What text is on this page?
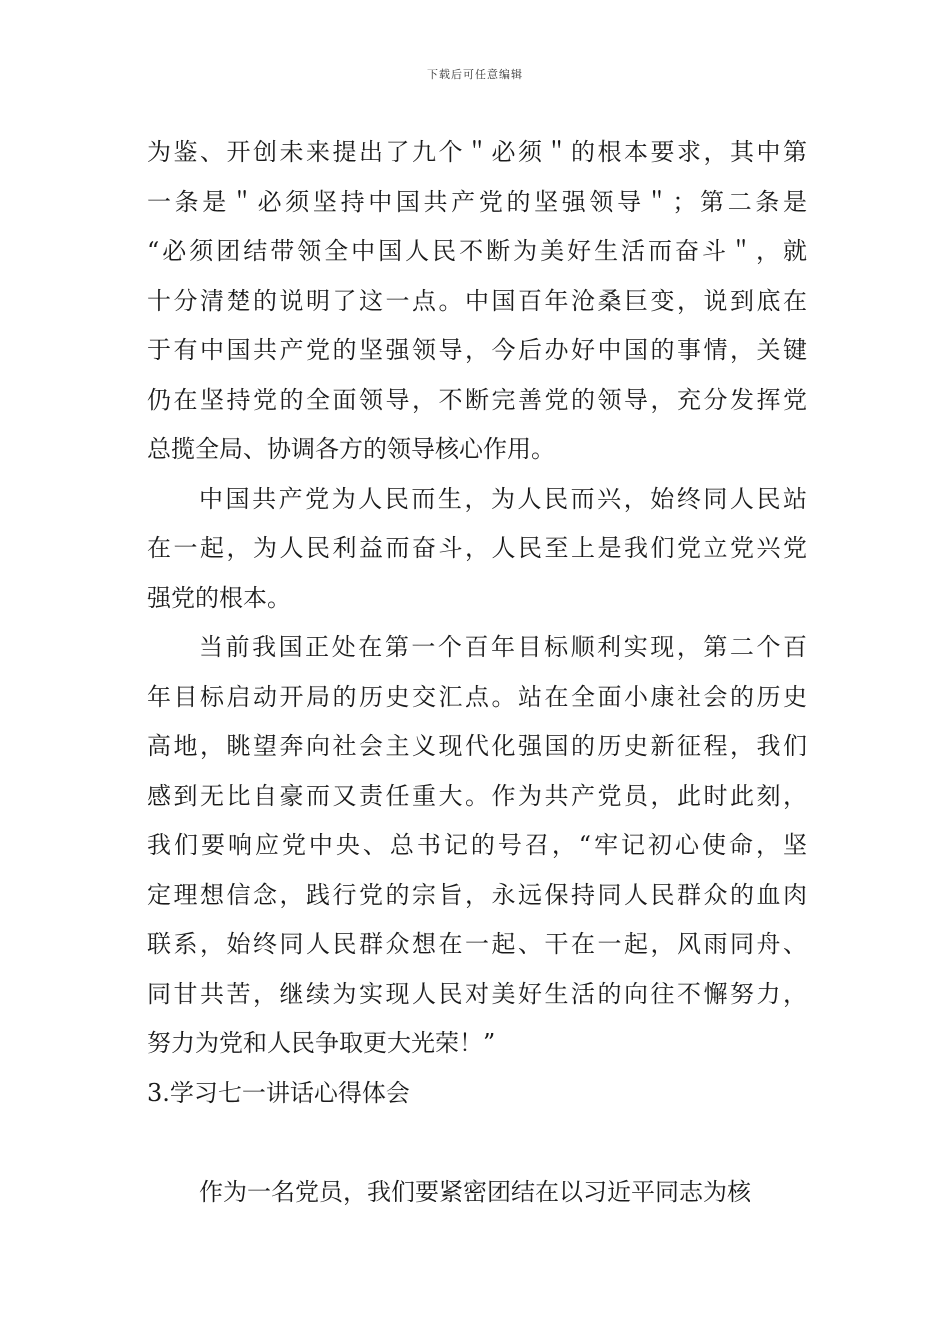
下载后可任意编辑
为鉴、开创未来提出了九个＂必须＂的根本要求，其中第
一条是＂必须坚持中国共产党的坚强领导＂；第二条是
“必须团结带领全中国人民不断为美好生活而奋斗＂，就
十分清楚的说明了这一点。中国百年沧桑巨变，说到底在
于有中国共产党的坚强领导，今后办好中国的事情，关键
仍在坚持党的全面领导，不断完善党的领导，充分发挥党
总揽全局、协调各方的领导核心作用。
中国共产党为人民而生，为人民而兴，始终同人民站
在一起，为人民利益而奋斗，人民至上是我们党立党兴党
强党的根本。
当前我国正处在第一个百年目标顺利实现，第二个百
年目标启动开局的历史交汇点。站在全面小康社会的历史
高地，眺望奔向社会主义现代化强国的历史新征程，我们
感到无比自豪而又责任重大。作为共产党员，此时此刻，
我们要响应党中央、总书记的号召，“牢记初心使命，坚
定理想信念，践行党的宗旨，永远保持同人民群众的血肉
联系，始终同人民群众想在一起、干在一起，风雨同舟、
同甘共苦，继续为实现人民对美好生活的向往不懈努力，
努力为党和人民争取更大光荣！”
3.学习七一讲话心得体会
作为一名党员，我们要紧密团结在以习近平同志为核
